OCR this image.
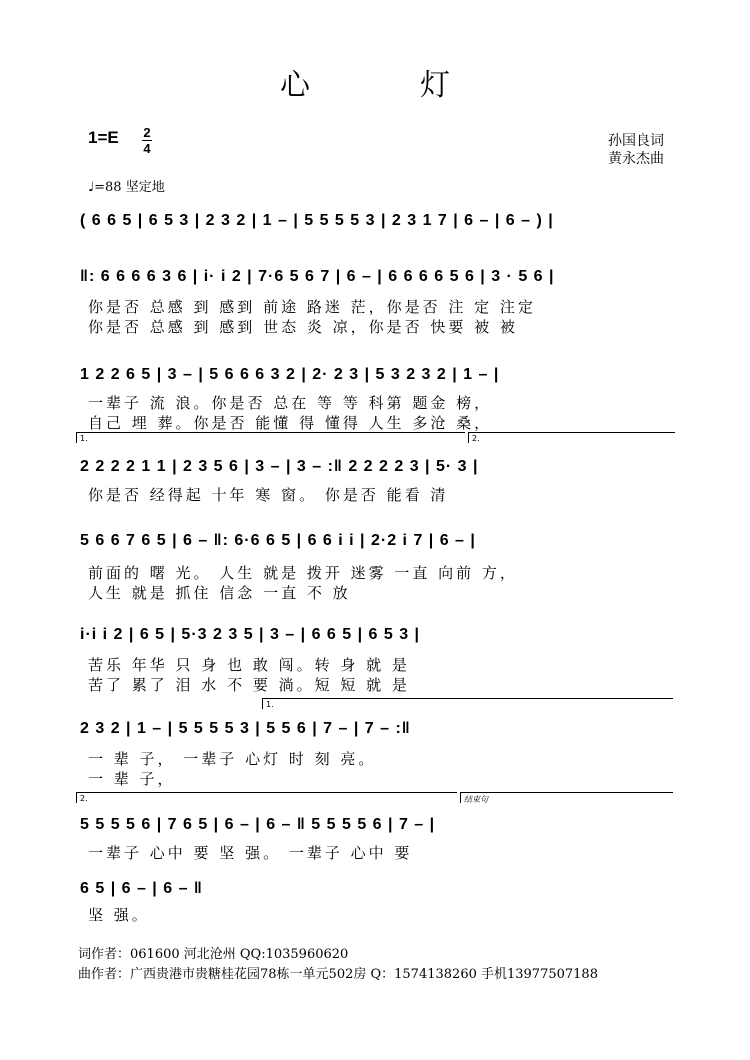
心灯
1=E 2
4	孙国良词
黄永杰曲
♩=88 坚定地
( 6 6 5 | 6 5 3 | 2 3 2 | 1 – | 5 5 5 5 3 | 2 3 1 7 | 6 – | 6 – ) |
‖: 6 6 6 6 3 6 | i· i 2 | 7·6 5 6 7 | 6 – | 6 6 6 6 5 6 | 3 · 5 6 |
你是否 总感 到 感到 前途 路迷 茫，你是否 注 定 注定
你是否 总感 到 感到 世态 炎 凉，你是否 快要 被 被
1 2 2 6 5 | 3 – | 5 6 6 6 3 2 | 2· 2 3 | 5 3 2 3 2 | 1 – |
一辈子 流 浪。你是否 总在 等 等 科第 题金 榜，
自己 埋 葬。你是否 能懂 得 懂得 人生 多沧 桑，
1.	2.
2 2 2 2 1 1 | 2 3 5 6 | 3 – | 3 – :‖ 2 2 2 2 3 | 5· 3 |
你是否 经得起 十年 寒 窗。 你是否 能看 清
5 6 6 7 6 5 | 6 – ‖: 6·6 6 5 | 6 6 i i | 2·2 i 7 | 6 – |
前面的 曙 光。 人生 就是 拨开 迷雾 一直 向前 方，
人生 就是 抓住 信念 一直 不 放
i·i i 2 | 6 5 | 5·3 2 3 5 | 3 – | 6 6 5 | 6 5 3 |
苦乐 年华 只 身 也 敢 闯。转 身 就 是
苦了 累了 泪 水 不 要 淌。短 短 就 是
1.
2 3 2 | 1 – | 5 5 5 5 3 | 5 5 6 | 7 – | 7 – :‖
一 辈 子， 一辈子 心灯 时 刻 亮。
一 辈 子，
2.	结束句
5 5 5 5 6 | 7 6 5 | 6 – | 6 – ‖ 5 5 5 5 6 | 7 – |
一辈子 心中 要 坚 强。 一辈子 心中 要
6 5 | 6 – | 6 – ‖
坚 强。
词作者：061600 河北沧州 QQ:1035960620
曲作者：广西贵港市贵糖桂花园78栋一单元502房 Q：1574138260 手机13977507188
